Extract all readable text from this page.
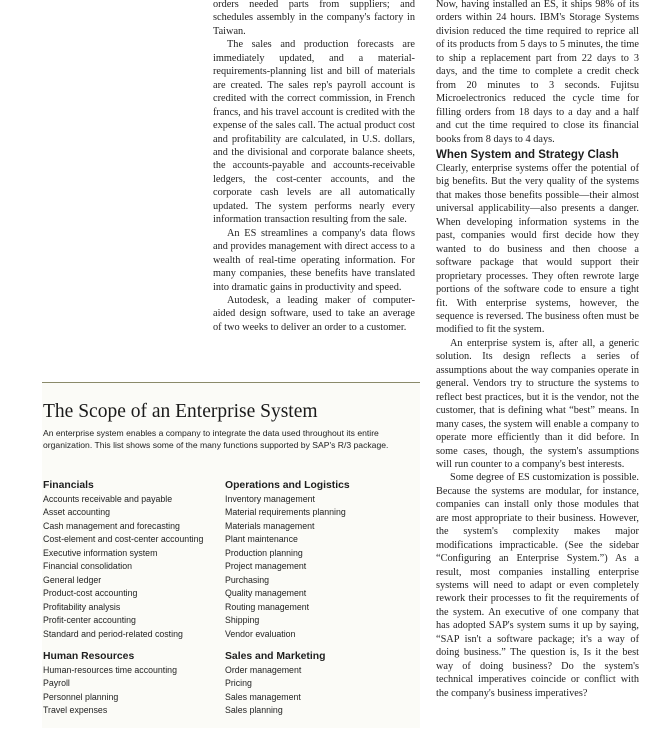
orders needed parts from suppliers; and schedules assembly in the company's factory in Taiwan.

The sales and production forecasts are immediately updated, and a material-requirements-planning list and bill of materials are created. The sales rep's payroll account is credited with the correct commission, in French francs, and his travel account is credited with the expense of the sales call. The actual product cost and profitability are calculated, in U.S. dollars, and the divisional and corporate balance sheets, the accounts-payable and accounts-receivable ledgers, the cost-center accounts, and the corporate cash levels are all automatically updated. The system performs nearly every information transaction resulting from the sale.

An ES streamlines a company's data flows and provides management with direct access to a wealth of real-time operating information. For many companies, these benefits have translated into dramatic gains in productivity and speed.

Autodesk, a leading maker of computer-aided design software, used to take an average of two weeks to deliver an order to a customer.

Now, having installed an ES, it ships 98% of its orders within 24 hours. IBM's Storage Systems division reduced the time required to reprice all of its products from 5 days to 5 minutes, the time to ship a replacement part from 22 days to 3 days, and the time to complete a credit check from 20 minutes to 3 seconds. Fujitsu Microelectronics reduced the cycle time for filling orders from 18 days to a day and a half and cut the time required to close its financial books from 8 days to 4 days.

When System and Strategy Clash

Clearly, enterprise systems offer the potential of big benefits. But the very quality of the systems that makes those benefits possible—their almost universal applicability—also presents a danger. When developing information systems in the past, companies would first decide how they wanted to do business and then choose a software package that would support their proprietary processes. They often rewrote large portions of the software code to ensure a tight fit. With enterprise systems, however, the sequence is reversed. The business often must be modified to fit the system.

An enterprise system is, after all, a generic solution. Its design reflects a series of assumptions about the way companies operate in general. Vendors try to structure the systems to reflect best practices, but it is the vendor, not the customer, that is defining what “best” means. In many cases, the system will enable a company to operate more efficiently than it did before. In some cases, though, the system's assumptions will run counter to a company's best interests.

Some degree of ES customization is possible. Because the systems are modular, for instance, companies can install only those modules that are most appropriate to their business. However, the system's complexity makes major modifications impracticable. (See the sidebar “Configuring an Enterprise System.”) As a result, most companies installing enterprise systems will need to adapt or even completely rework their processes to fit the requirements of the system. An executive of one company that has adopted SAP's system sums it up by saying, “SAP isn't a software package; it's a way of doing business.” The question is, Is it the best way of doing business? Do the system's technical imperatives coincide or conflict with the company's business imperatives?

The Scope of an Enterprise System
An enterprise system enables a company to integrate the data used throughout its entire organization. This list shows some of the many functions supported by SAP's R/3 package.
Financials
Accounts receivable and payable
Asset accounting
Cash management and forecasting
Cost-element and cost-center accounting
Executive information system
Financial consolidation
General ledger
Product-cost accounting
Profitability analysis
Profit-center accounting
Standard and period-related costing
Operations and Logistics
Inventory management
Material requirements planning
Materials management
Plant maintenance
Production planning
Project management
Purchasing
Quality management
Routing management
Shipping
Vendor evaluation
Human Resources
Human-resources time accounting
Payroll
Personnel planning
Travel expenses
Sales and Marketing
Order management
Pricing
Sales management
Sales planning
